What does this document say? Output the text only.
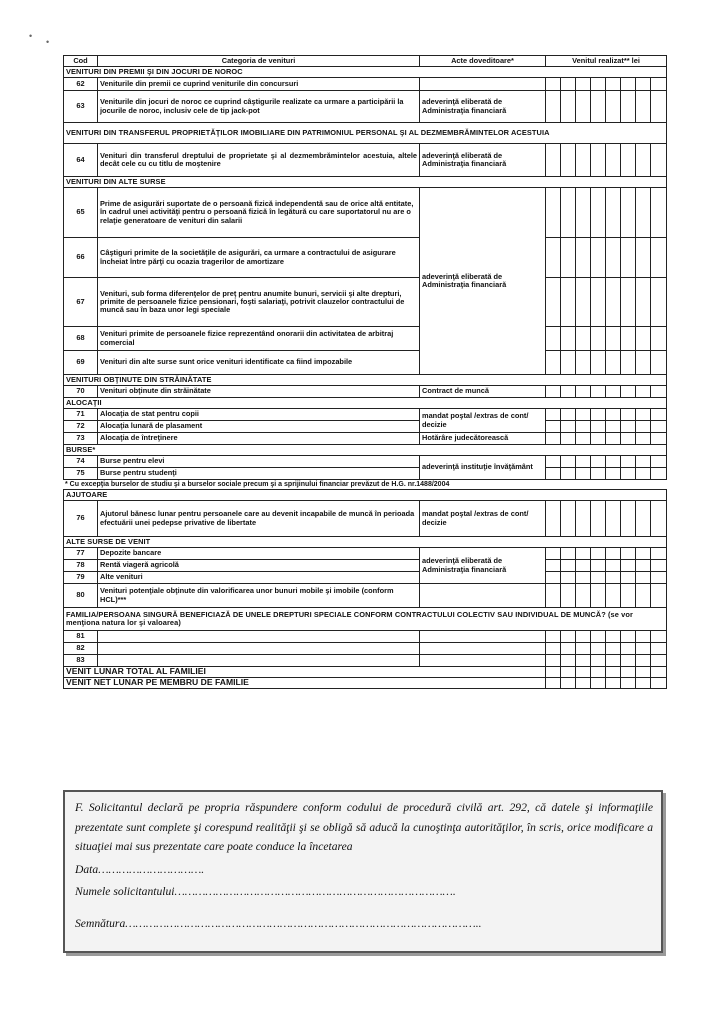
•
•
Cod	Categoria de venituri	Acte doveditoare*	Venitul realizat** lei							
VENITURI DIN PREMII ŞI DIN JOCURI DE NOROC										
62	Veniturile din premii ce cuprind veniturile din concursuri									
63	Veniturile din jocuri de noroc ce cuprind câştigurile realizate ca urmare a participării la jocurile de noroc, inclusiv cele de tip jack-pot	adeverinţă eliberată de Administraţia financiară								
VENITURI DIN TRANSFERUL PROPRIETĂŢILOR IMOBILIARE DIN PATRIMONIUL PERSONAL ŞI AL DEZMEMBRĂMINTELOR ACESTUIA										
64	Venituri din transferul dreptului de proprietate şi al dezmembrămintelor acestuia, altele decât cele cu cu titlu de moştenire	adeverinţă eliberată de Administraţia financiară								
VENITURI DIN ALTE SURSE										
65	Prime de asigurări suportate de o persoană fizică independentă sau de orice altă entitate, în cadrul unei activităţi pentru o persoană fizică în legătură cu care suportatorul nu are o relaţie generatoare de venituri din salarii	adeverinţă eliberată de Administraţia financiară								
66	Câştiguri primite de la societăţile de asigurări, ca urmare a contractului de asigurare încheiat între părţi cu ocazia tragerilor de amortizare									
67	Venituri, sub forma diferenţelor de preţ pentru anumite bunuri, servicii şi alte drepturi, primite de persoanele fizice pensionari, foşti salariaţi, potrivit clauzelor contractului de muncă sau în baza unor legi speciale									
68	Venituri primite de persoanele fizice reprezentând onorarii din activitatea de arbitraj comercial									
69	Venituri din alte surse sunt orice venituri identificate ca fiind impozabile									
VENITURI OBŢINUTE DIN STRĂINĂTATE										
70	Venituri obţinute din străinătate	Contract de muncă								
ALOCAŢII										
71	Alocaţia de stat pentru copii	mandat poştal /extras de cont/ decizie								
72	Alocaţia lunară de plasament									
73	Alocaţia de întreţinere	Hotărâre judecătorească								
BURSE*										
74	Burse pentru elevi	adeverinţă instituţie învăţământ								
75	Burse pentru studenţi									
* Cu excepţia burselor de studiu şi a burselor sociale precum şi a sprijinului financiar prevăzut de H.G. nr.1488/2004
AJUTOARE										
76	Ajutorul bănesc lunar pentru persoanele care au devenit incapabile de muncă în perioada efectuării unei pedepse privative de libertate	mandat poştal /extras de cont/ decizie								
ALTE SURSE DE VENIT										
77	Depozite bancare	adeverinţă eliberată de Administraţia financiară								
78	Rentă viageră agricolă									
79	Alte venituri									
80	Venituri potenţiale obţinute din valorificarea unor bunuri mobile şi imobile (conform HCL)***									
FAMILIA/PERSOANA SINGURĂ BENEFICIAZĂ DE UNELE DREPTURI SPECIALE CONFORM CONTRACTULUI COLECTIV SAU INDIVIDUAL DE MUNCĂ? (se vor menţiona natura lor şi valoarea)										
81										
82										
83										
VENIT LUNAR TOTAL AL FAMILIEI										
VENIT NET LUNAR PE MEMBRU DE FAMILIE										

F. Solicitantul declară pe propria răspundere conform codului de procedură civilă art. 292, că datele şi informaţiile prezentate sunt complete şi corespund realităţii şi se obligă să aducă la cunoştinţa autorităţilor, în scris, orice modificare a situaţiei mai sus prezentate care poate conduce la încetarea

Data………………………….
Numele solicitantului……………………………………………………………………….
Semnătura…………………………………………………………………………………………..
